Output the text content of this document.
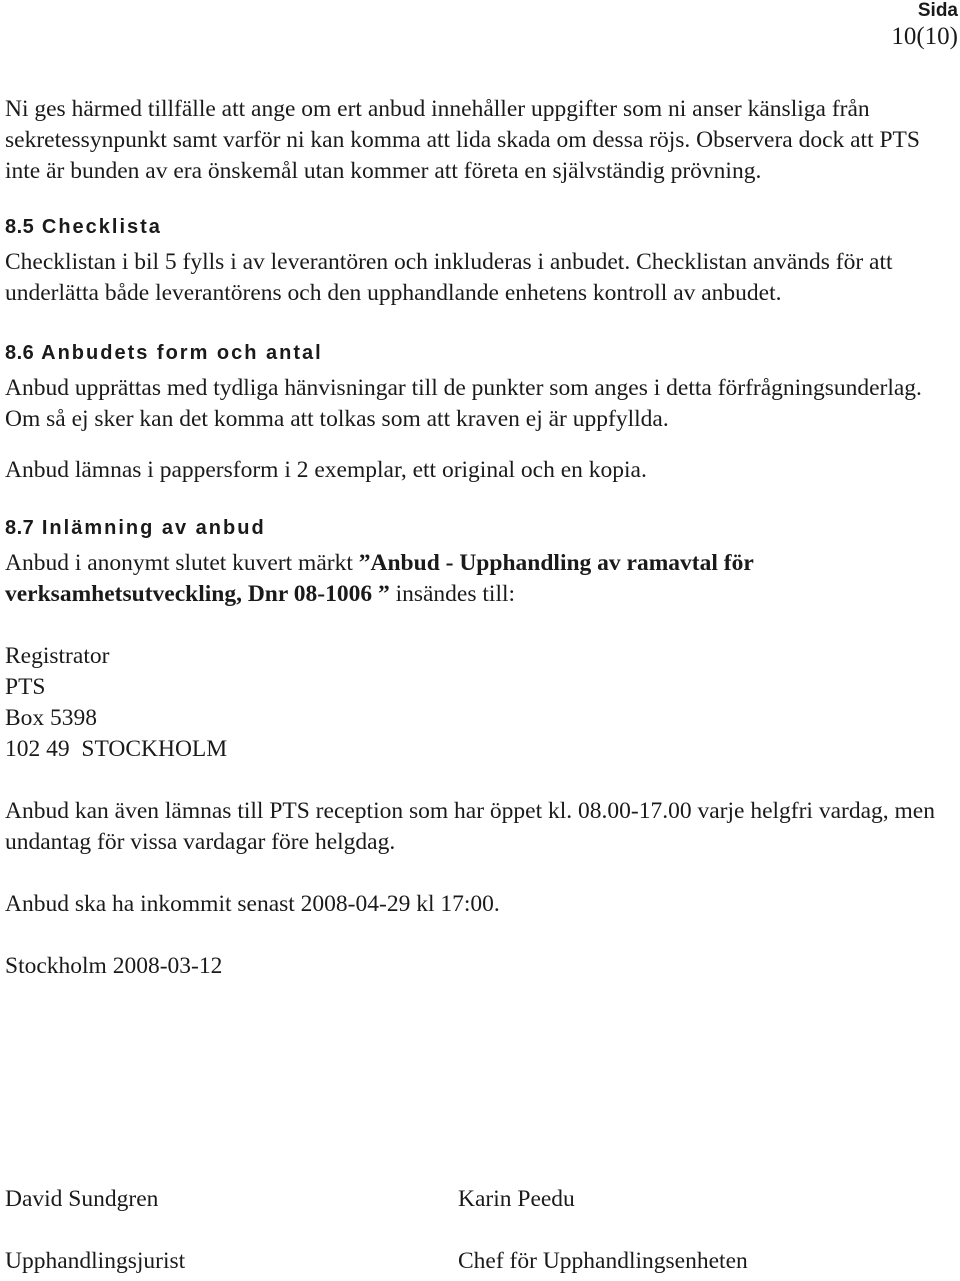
Sida
10(10)

Ni ges härmed tillfälle att ange om ert anbud innehåller uppgifter som ni anser känsliga från sekretessynpunkt samt varför ni kan komma att lida skada om dessa röjs. Observera dock att PTS inte är bunden av era önskemål utan kommer att företa en självständig prövning.

8.5 Checklista

Checklistan i bil 5 fylls i av leverantören och inkluderas i anbudet. Checklistan används för att underlätta både leverantörens och den upphandlande enhetens kontroll av anbudet.

8.6 Anbudets form och antal

Anbud upprättas med tydliga hänvisningar till de punkter som anges i detta förfrågningsunderlag. Om så ej sker kan det komma att tolkas som att kraven ej är uppfyllda.

Anbud lämnas i pappersform i 2 exemplar, ett original och en kopia.

8.7 Inlämning av anbud

Anbud i anonymt slutet kuvert märkt ”Anbud - Upphandling av ramavtal för verksamhetsutveckling, Dnr 08-1006 ” insändes till:

Registrator

PTS

Box 5398

102 49  STOCKHOLM

Anbud kan även lämnas till PTS reception som har öppet kl. 08.00-17.00 varje helgfri vardag, men undantag för vissa vardagar före helgdag.

Anbud ska ha inkommit senast 2008-04-29 kl 17:00.

Stockholm 2008-03-12

David Sundgren

Upphandlingsjurist

Karin Peedu

Chef för Upphandlingsenheten
